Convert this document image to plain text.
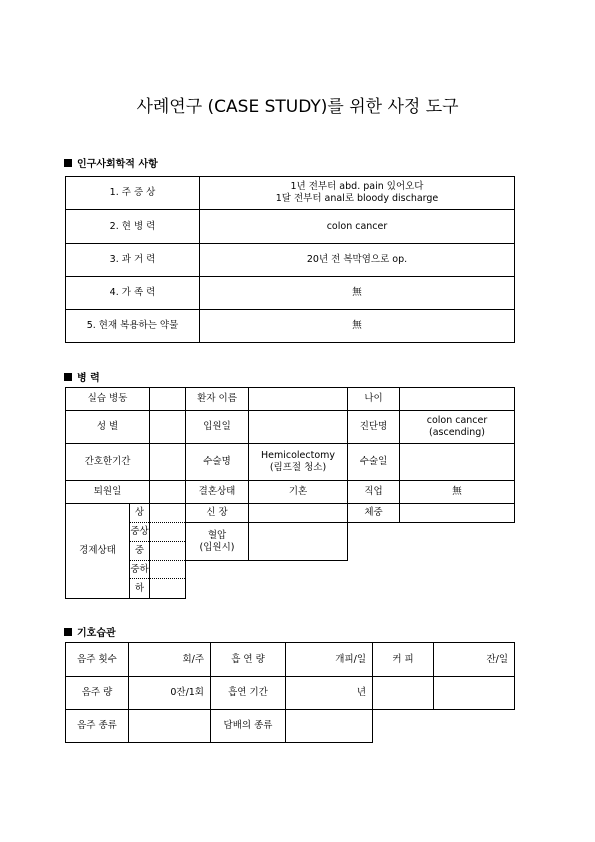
사례연구 (CASE STUDY)를 위한 사정 도구
인구사회학적 사항
1. 주 증 상	1년 전부터 abd. pain 있어오다
1달 전부터 anal로 bloody discharge

2. 현 병 력	colon cancer
3. 과 거 력	20년 전 복막염으로 op.
4. 가 족 력	無
5. 현재 복용하는 약물	無
병 력
실습 병동			환자 이름		나이	
성 별			입원일		진단명	colon cancer
(ascending)

간호한기간			수술명	Hemicolectomy
(림프절 청소)	수술일	
퇴원일			결혼상태	기혼	직업	無
경제상태	상		신 장		체중	
	중상		혈압
(입원시)			

	중					
	중하					
	하					
기호습관
음주 횟수	회/주	흡 연 량	개피/일	커 피	잔/일
음주 량	0잔/1회	흡연 기간	년		
음주 종류		담배의 종류			
